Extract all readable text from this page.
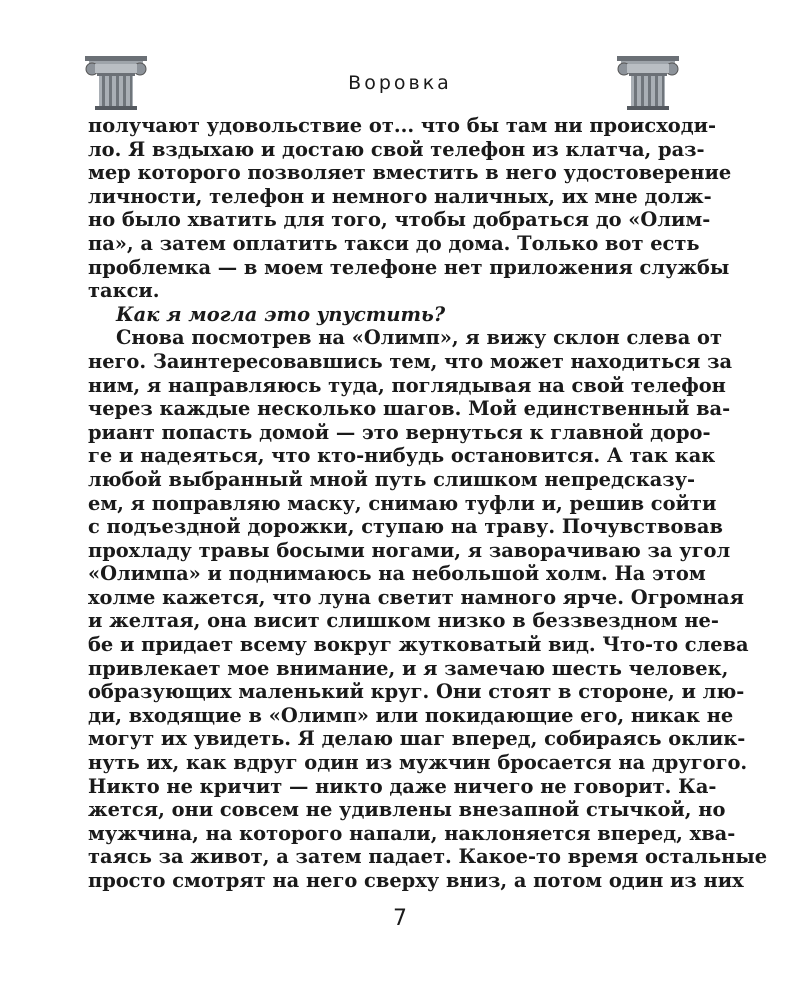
Воровка
получают удовольствие от... что бы там ни происходи-
ло. Я вздыхаю и достаю свой телефон из клатча, раз-
мер которого позволяет вместить в него удостоверение
личности, телефон и немного наличных, их мне долж-
но было хватить для того, чтобы добраться до «Олим-
па», а затем оплатить такси до дома. Только вот есть
проблемка — в моем телефоне нет приложения службы
такси.
Как я могла это упустить?
Снова посмотрев на «Олимп», я вижу склон слева от
него. Заинтересовавшись тем, что может находиться за
ним, я направляюсь туда, поглядывая на свой телефон
через каждые несколько шагов. Мой единственный ва-
риант попасть домой — это вернуться к главной доро-
ге и надеяться, что кто-нибудь остановится. А так как
любой выбранный мной путь слишком непредсказу-
ем, я поправляю маску, снимаю туфли и, решив сойти
с подъездной дорожки, ступаю на траву. Почувствовав
прохладу травы босыми ногами, я заворачиваю за угол
«Олимпа» и поднимаюсь на небольшой холм. На этом
холме кажется, что луна светит намного ярче. Огромная
и желтая, она висит слишком низко в беззвездном не-
бе и придает всему вокруг жутковатый вид. Что-то слева
привлекает мое внимание, и я замечаю шесть человек,
образующих маленький круг. Они стоят в стороне, и лю-
ди, входящие в «Олимп» или покидающие его, никак не
могут их увидеть. Я делаю шаг вперед, собираясь оклик-
нуть их, как вдруг один из мужчин бросается на другого.
Никто не кричит — никто даже ничего не говорит. Ка-
жется, они совсем не удивлены внезапной стычкой, но
мужчина, на которого напали, наклоняется вперед, хва-
таясь за живот, а затем падает. Какое-то время остальные
просто смотрят на него сверху вниз, а потом один из них
7
